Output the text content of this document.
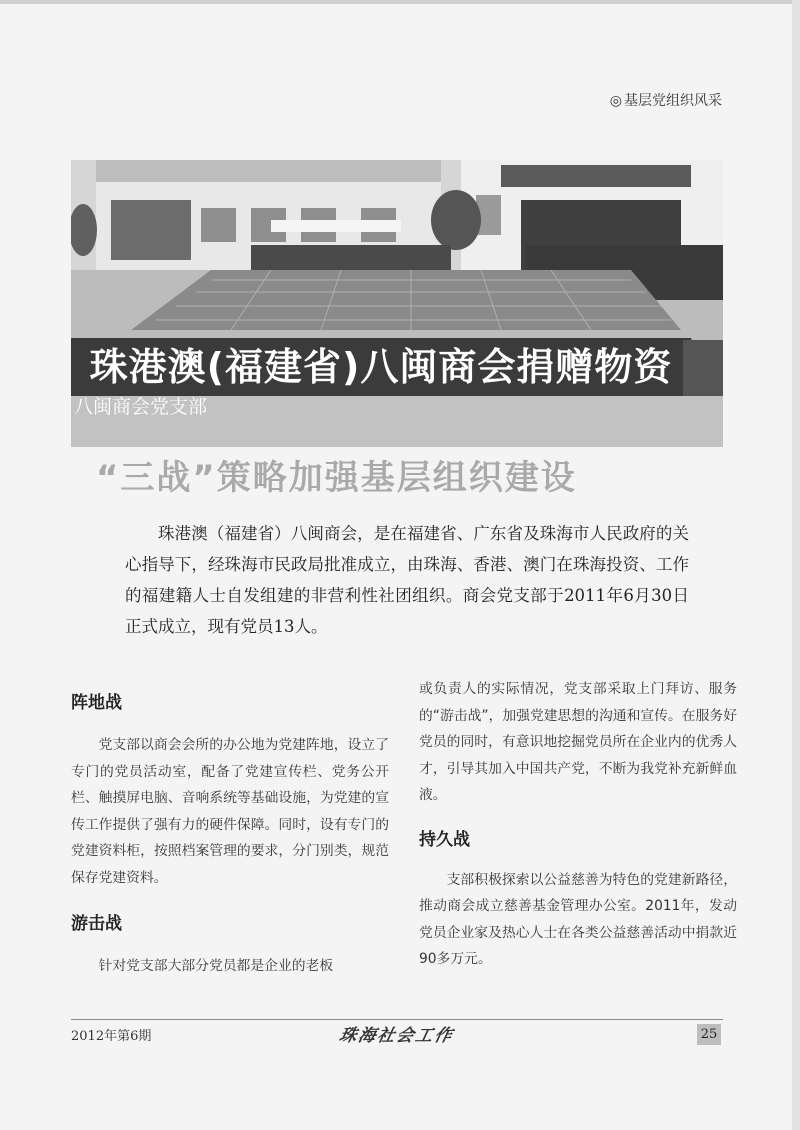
◎ 基层党组织风采
珠港澳(福建省)八闽商会捐赠物资
八闽商会党支部
“三战”策略加强基层组织建设

珠港澳（福建省）八闽商会，是在福建省、广东省及珠海市人民政府的关心指导下，经珠海市民政局批准成立，由珠海、香港、澳门在珠海投资、工作的福建籍人士自发组建的非营利性社团组织。商会党支部于2011年6月30日正式成立，现有党员13人。

阵地战

党支部以商会会所的办公地为党建阵地，设立了专门的党员活动室，配备了党建宣传栏、党务公开栏、触摸屏电脑、音响系统等基础设施，为党建的宣传工作提供了强有力的硬件保障。同时，设有专门的党建资料柜，按照档案管理的要求，分门别类，规范保存党建资料。

游击战

针对党支部大部分党员都是企业的老板

或负责人的实际情况，党支部采取上门拜访、服务的“游击战”，加强党建思想的沟通和宣传。在服务好党员的同时，有意识地挖掘党员所在企业内的优秀人才，引导其加入中国共产党，不断为我党补充新鲜血液。

持久战

支部积极探索以公益慈善为特色的党建新路径，推动商会成立慈善基金管理办公室。2011年，发动党员企业家及热心人士在各类公益慈善活动中捐款近90多万元。

2012年第6期	珠海社会工作	25
